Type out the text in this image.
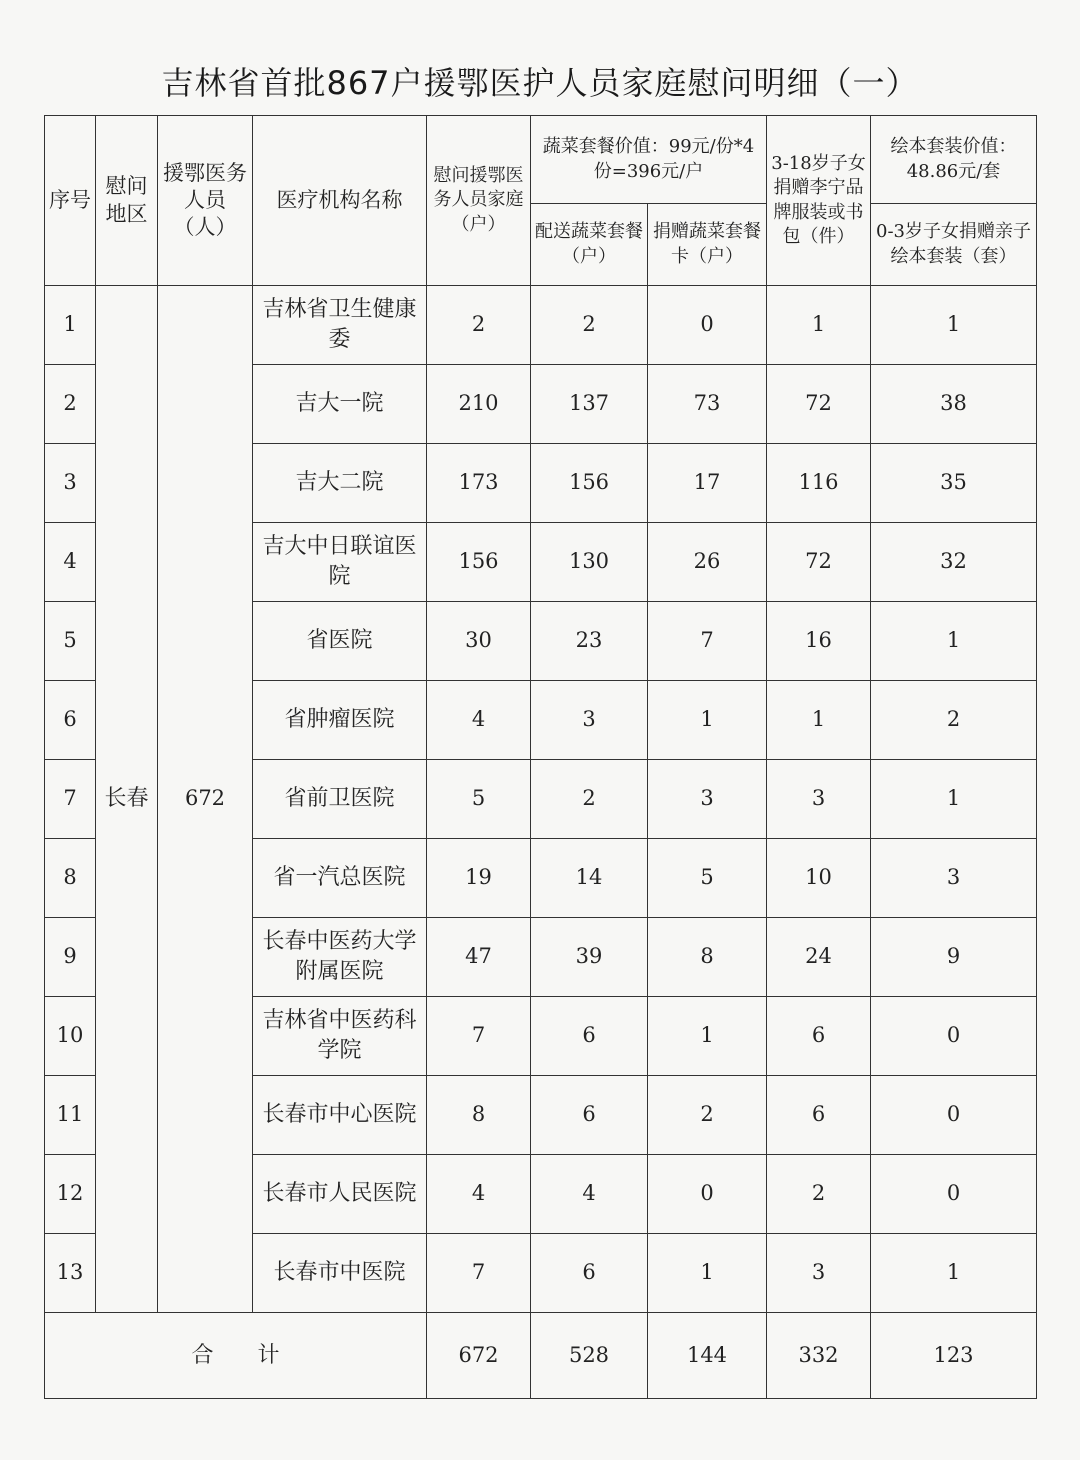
吉林省首批867户援鄂医护人员家庭慰问明细（一）
序号	慰问地区	援鄂医务人员（人）	医疗机构名称	慰问援鄂医务人员家庭（户）	蔬菜套餐价值：99元/份*4份=396元/户		3-18岁子女捐赠李宁品牌服装或书包（件）	绘本套装价值：48.86元/套
					配送蔬菜套餐（户）	捐赠蔬菜套餐卡（户）		0-3岁子女捐赠亲子绘本套装（套）
1	长春	672	吉林省卫生健康委	2	2	0	1	1
2			吉大一院	210	137	73	72	38
3			吉大二院	173	156	17	116	35
4			吉大中日联谊医院	156	130	26	72	32
5			省医院	30	23	7	16	1
6			省肿瘤医院	4	3	1	1	2
7			省前卫医院	5	2	3	3	1
8			省一汽总医院	19	14	5	10	3
9			长春中医药大学附属医院	47	39	8	24	9
10			吉林省中医药科学院	7	6	1	6	0
11			长春市中心医院	8	6	2	6	0
12			长春市人民医院	4	4	0	2	0
13			长春市中医院	7	6	1	3	1
合　　计				672	528	144	332	123
